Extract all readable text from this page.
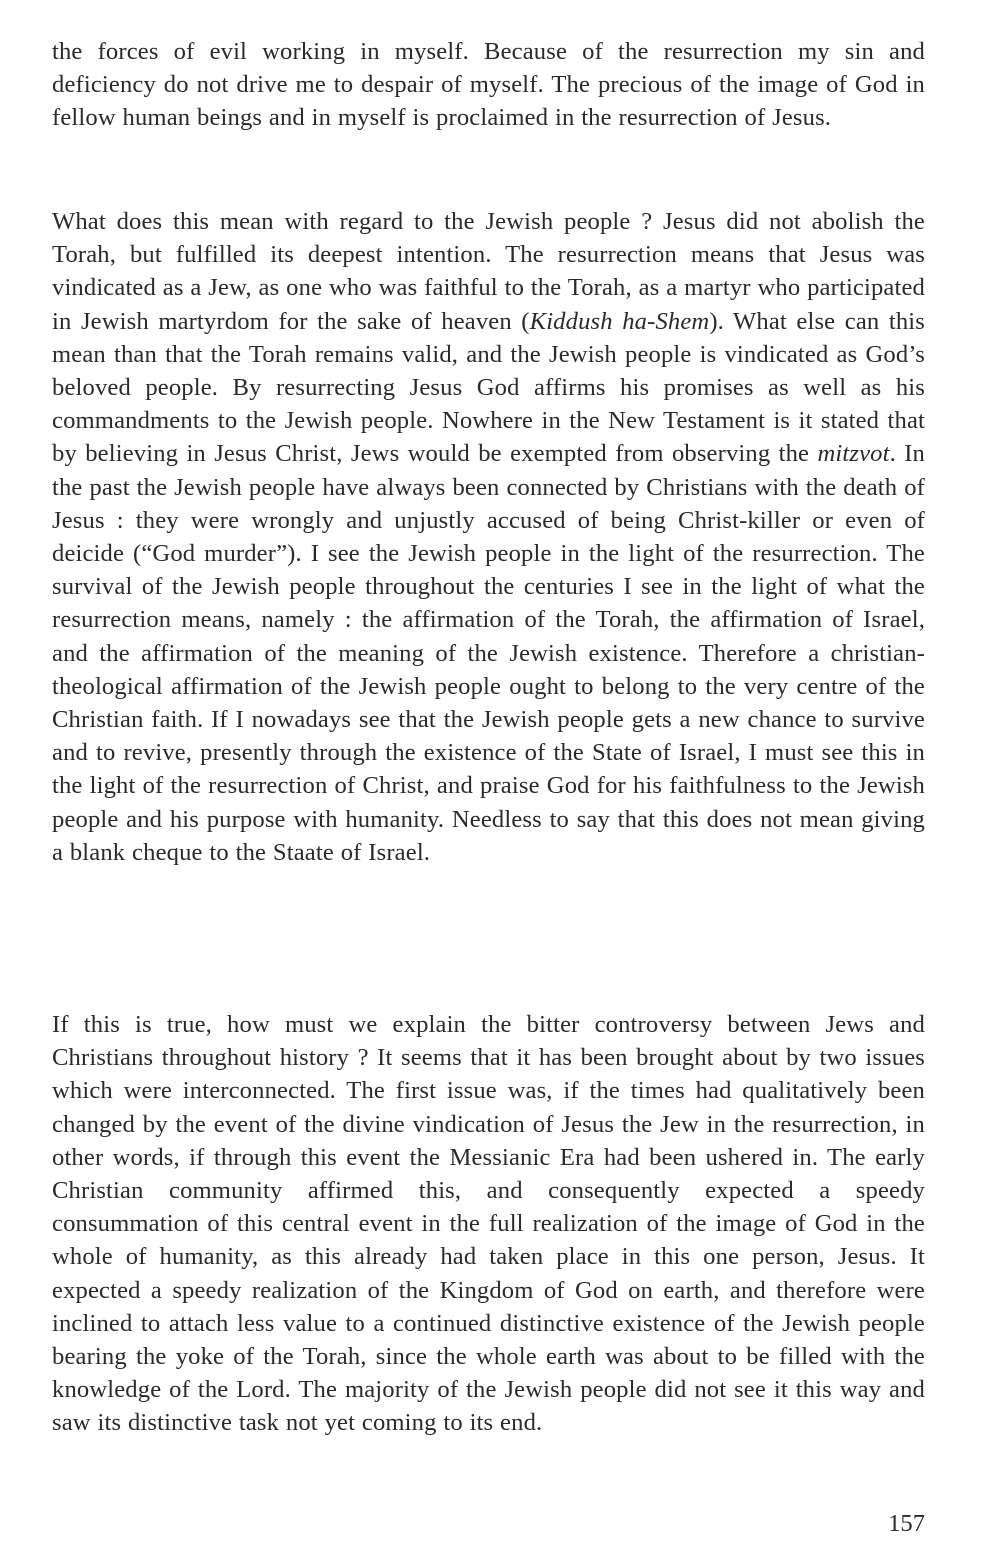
the forces of evil working in myself. Because of the resurrection my sin and deficiency do not drive me to despair of myself. The precious of the image of God in fellow human beings and in myself is proclaimed in the resurrection of Jesus.

What does this mean with regard to the Jewish people ? Jesus did not abolish the Torah, but fulfilled its deepest intention. The resurrection means that Jesus was vindicated as a Jew, as one who was faithful to the Torah, as a martyr who participated in Jewish martyrdom for the sake of heaven (Kiddush ha-Shem). What else can this mean than that the Torah remains valid, and the Jewish people is vindicated as God’s beloved people. By resurrecting Jesus God affirms his promises as well as his commandments to the Jewish people. Nowhere in the New Testament is it stated that by believing in Jesus Christ, Jews would be exempted from observing the mitzvot. In the past the Jewish people have always been connected by Christians with the death of Jesus : they were wrongly and unjustly accused of being Christ-killer or even of deicide (“God murder”). I see the Jewish people in the light of the resurrection. The survival of the Jewish people throughout the centuries I see in the light of what the resurrection means, namely : the affirmation of the Torah, the affirmation of Israel, and the affirmation of the meaning of the Jewish existence. Therefore a christian-theological affirmation of the Jewish people ought to belong to the very centre of the Christian faith. If I nowadays see that the Jewish people gets a new chance to survive and to revive, presently through the existence of the State of Israel, I must see this in the light of the resurrection of Christ, and praise God for his faithfulness to the Jewish people and his purpose with humanity. Needless to say that this does not mean giving a blank cheque to the Staate of Israel.

If this is true, how must we explain the bitter controversy between Jews and Christians throughout history ? It seems that it has been brought about by two issues which were interconnected. The first issue was, if the times had qualitatively been changed by the event of the divine vindication of Jesus the Jew in the resurrection, in other words, if through this event the Messianic Era had been ushered in. The early Christian community affirmed this, and consequently expected a speedy consummation of this central event in the full realization of the image of God in the whole of humanity, as this already had taken place in this one person, Jesus. It expected a speedy realization of the Kingdom of God on earth, and therefore were inclined to attach less value to a continued distinctive existence of the Jewish people bearing the yoke of the Torah, since the whole earth was about to be filled with the knowledge of the Lord. The majority of the Jewish people did not see it this way and saw its distinctive task not yet coming to its end.

157
